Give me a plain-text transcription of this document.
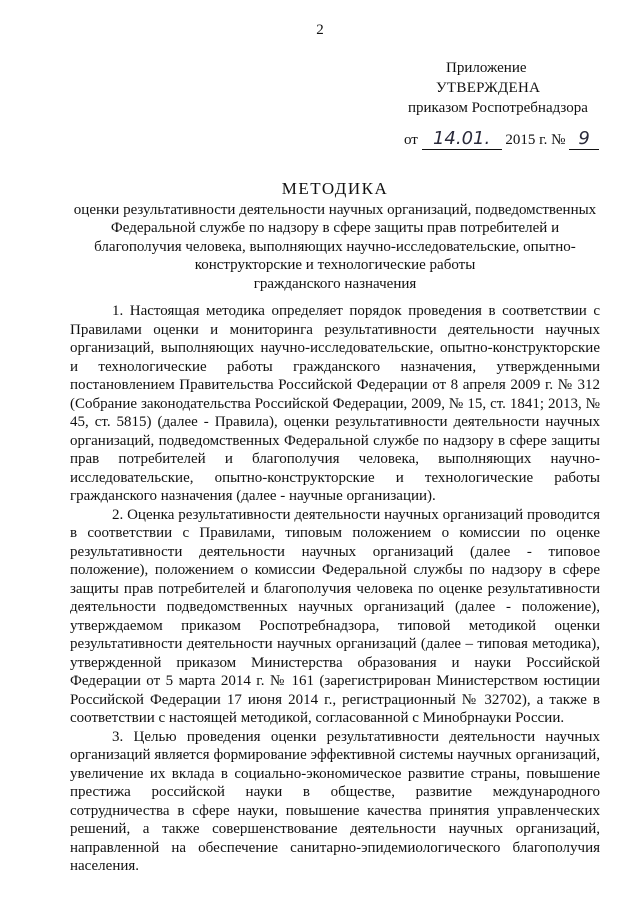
2
Приложение
УТВЕРЖДЕНА
приказом Роспотребнадзора
от 14.01. 2015 г. № 9
МЕТОДИКА
оценки результативности деятельности научных организаций, подведомственных
Федеральной службе по надзору в сфере защиты прав потребителей и
благополучия человека, выполняющих научно-исследовательские, опытно-
конструкторские и технологические работы
гражданского назначения

1. Настоящая методика определяет порядок проведения в соответствии с Правилами оценки и мониторинга результативности деятельности научных организаций, выполняющих научно-исследовательские, опытно-конструкторские и технологические работы гражданского назначения, утвержденными постановлением Правительства Российской Федерации от 8 апреля 2009 г. № 312 (Собрание законодательства Российской Федерации, 2009, № 15, ст. 1841; 2013, № 45, ст. 5815) (далее - Правила), оценки результативности деятельности научных организаций, подведомственных Федеральной службе по надзору в сфере защиты прав потребителей и благополучия человека, выполняющих научно-исследовательские, опытно-конструкторские и технологические работы гражданского назначения (далее - научные организации).

2. Оценка результативности деятельности научных организаций проводится в соответствии с Правилами, типовым положением о комиссии по оценке результативности деятельности научных организаций (далее - типовое положение), положением о комиссии Федеральной службы по надзору в сфере защиты прав потребителей и благополучия человека по оценке результативности деятельности подведомственных научных организаций (далее - положение), утверждаемом приказом Роспотребнадзора, типовой методикой оценки результативности деятельности научных организаций (далее – типовая методика), утвержденной приказом Министерства образования и науки Российской Федерации от 5 марта 2014 г. № 161 (зарегистрирован Министерством юстиции Российской Федерации 17 июня 2014 г., регистрационный № 32702), а также в соответствии с настоящей методикой, согласованной с Минобрнауки России.

3. Целью проведения оценки результативности деятельности научных организаций является формирование эффективной системы научных организаций, увеличение их вклада в социально-экономическое развитие страны, повышение престижа российской науки в обществе, развитие международного сотрудничества в сфере науки, повышение качества принятия управленческих решений, а также совершенствование деятельности научных организаций, направленной на обеспечение санитарно-эпидемиологического благополучия населения.
